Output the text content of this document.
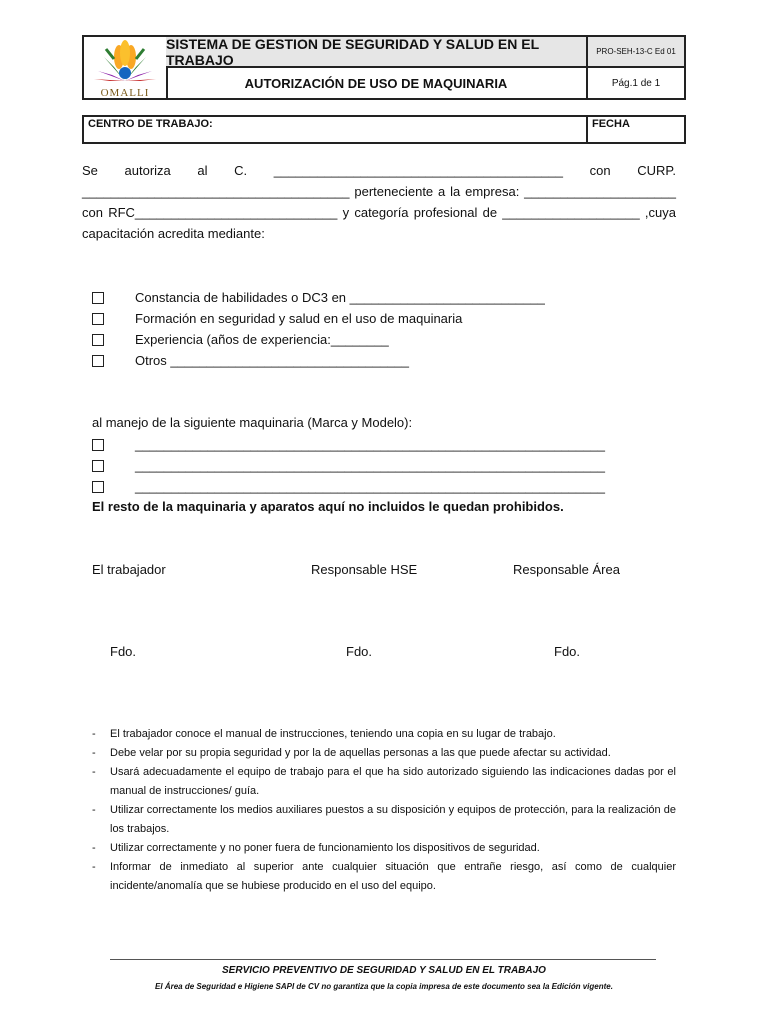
OMALLI
SISTEMA DE GESTION DE SEGURIDAD Y SALUD EN EL TRABAJO
AUTORIZACIÓN DE USO DE MAQUINARIA
PRO-SEH-13-C Ed 01
Pág.1 de 1
CENTRO DE TRABAJO:	FECHA
Se autoriza al C. ________________________________________ con CURP.
_____________________________________ perteneciente a la empresa: _____________________
con RFC____________________________ y categoría profesional de ___________________ ,cuya
capacitación acredita mediante:
Constancia de habilidades o DC3 en ___________________________
Formación en seguridad y salud en el uso de maquinaria
Experiencia (años de experiencia:________
Otros _________________________________
al manejo de la siguiente maquinaria (Marca y Modelo):
_________________________________________________________________
_________________________________________________________________
_________________________________________________________________
El resto de la maquinaria y aparatos aquí no incluidos le quedan prohibidos.
El trabajador	Responsable HSE	Responsable Área
Fdo.	Fdo.	Fdo.
-	El trabajador conoce el manual de instrucciones, teniendo una copia en su lugar de trabajo.
-	Debe velar por su propia seguridad y por la de aquellas personas a las que puede afectar su actividad.
-	Usará adecuadamente el equipo de trabajo para el que ha sido autorizado siguiendo las indicaciones dadas por el manual de instrucciones/ guía.
-	Utilizar correctamente los medios auxiliares puestos a su disposición y equipos de protección, para la realización de los trabajos.
-	Utilizar correctamente y no poner fuera de funcionamiento los dispositivos de seguridad.
-	Informar de inmediato al superior ante cualquier situación que entrañe riesgo, así como de cualquier incidente/anomalía que se hubiese producido en el uso del equipo.
SERVICIO PREVENTIVO DE SEGURIDAD Y SALUD EN EL TRABAJO
El Área de Seguridad e Higiene SAPI de CV no garantiza que la copia impresa de este documento sea la Edición vigente.
